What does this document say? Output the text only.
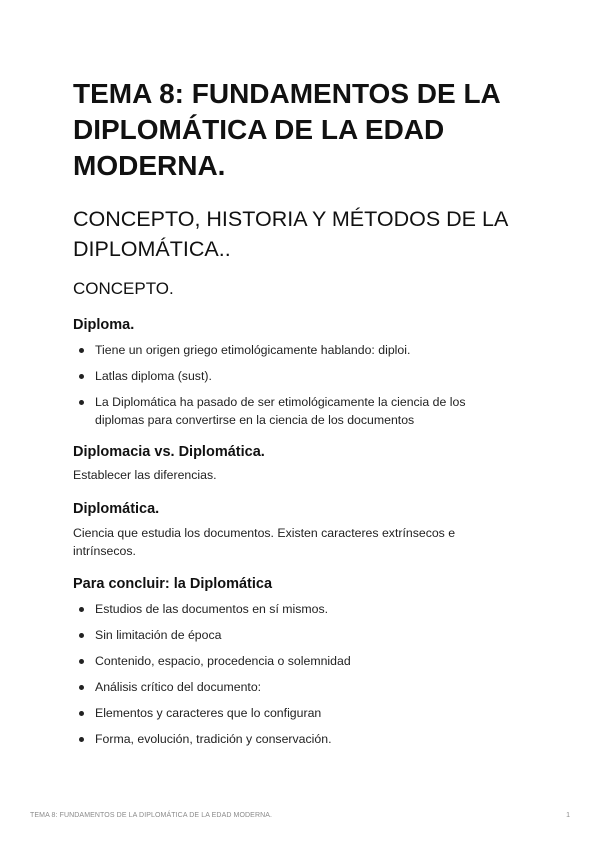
TEMA 8: FUNDAMENTOS DE LA DIPLOMÁTICA DE LA EDAD MODERNA.
CONCEPTO, HISTORIA Y MÉTODOS DE LA DIPLOMÁTICA..
CONCEPTO.
Diploma.
Tiene un origen griego etimológicamente hablando: diploi.
Latlas diploma (sust).
La Diplomática ha pasado de ser etimológicamente la ciencia de los diplomas para convertirse en la ciencia de los documentos
Diplomacia vs. Diplomática.

Establecer las diferencias.

Diplomática.

Ciencia que estudia los documentos. Existen caracteres extrínsecos e intrínsecos.

Para concluir: la Diplomática
Estudios de las documentos en sí mismos.
Sin limitación de época
Contenido, espacio, procedencia o solemnidad
Análisis crítico del documento:
Elementos y caracteres que lo configuran
Forma, evolución, tradición y conservación.
TEMA 8: FUNDAMENTOS DE LA DIPLOMÁTICA DE LA EDAD MODERNA.	1
